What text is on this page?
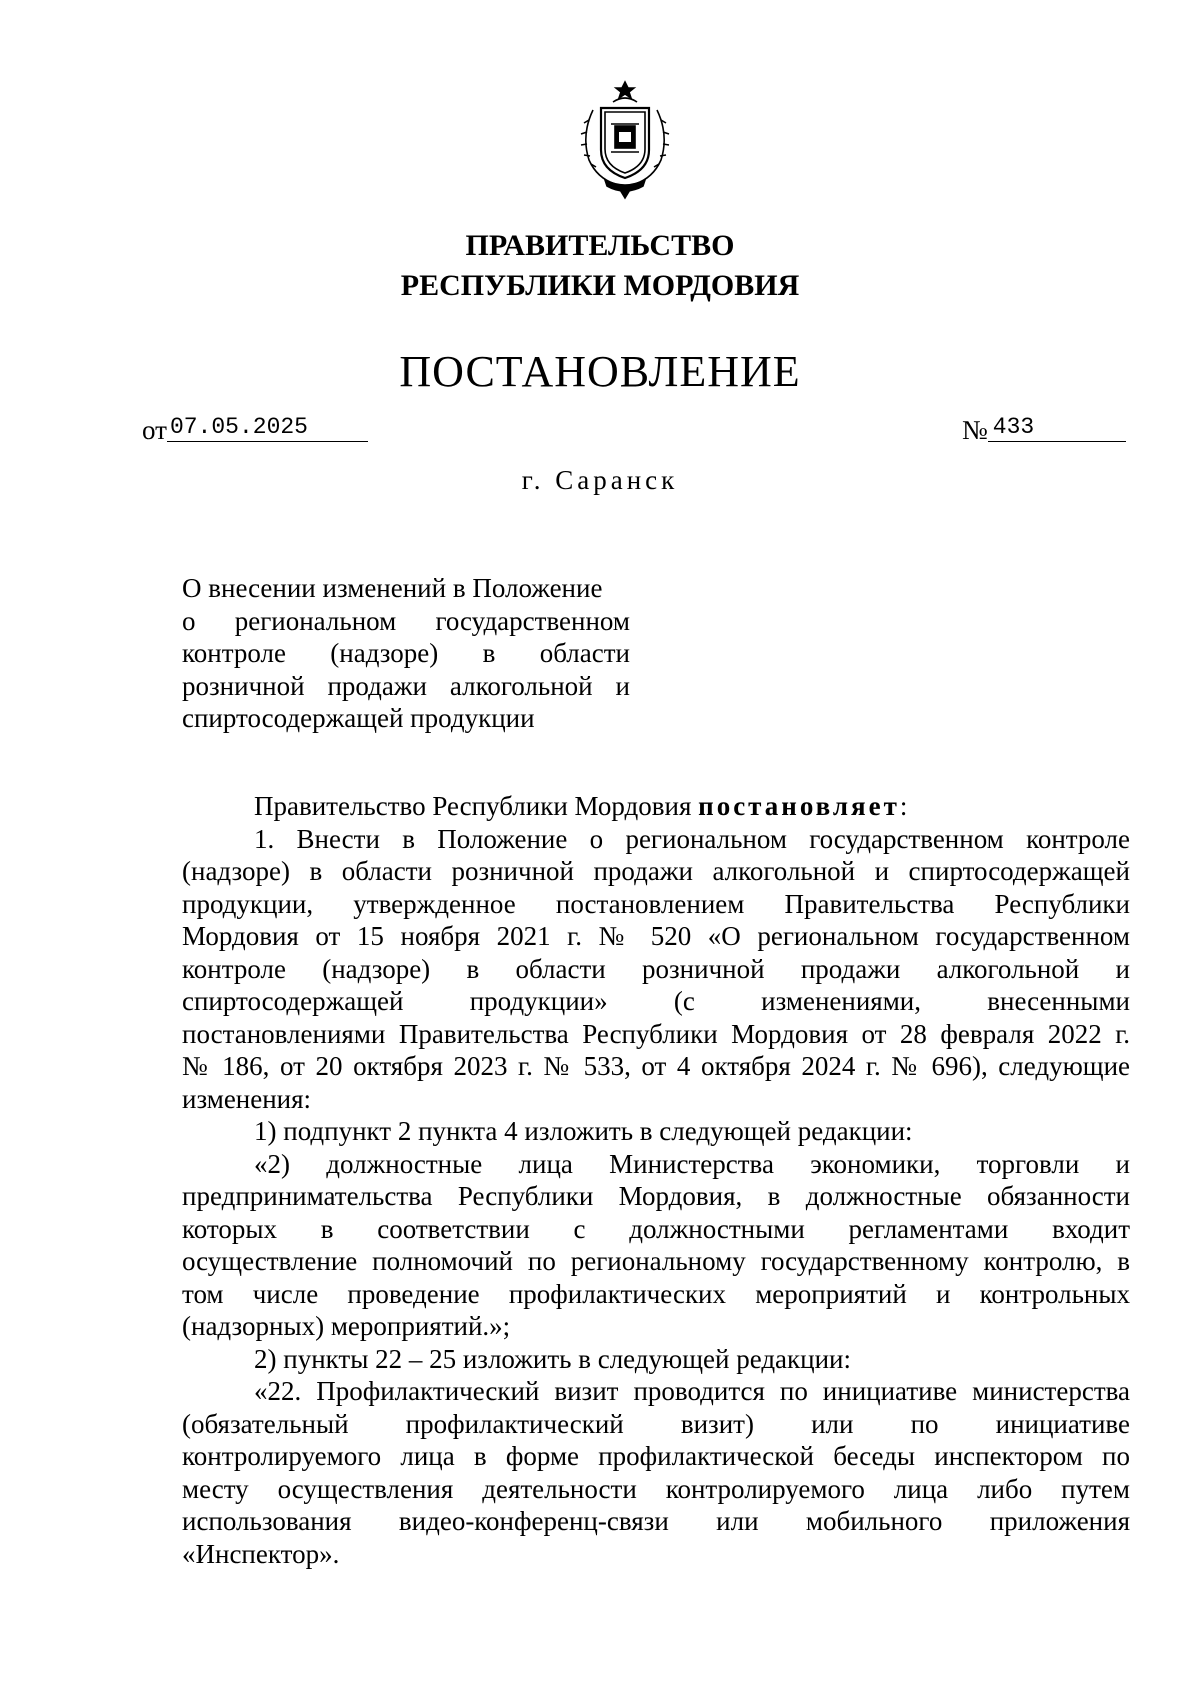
ПРАВИТЕЛЬСТВО
РЕСПУБЛИКИ МОРДОВИЯ
ПОСТАНОВЛЕНИЕ
от 07.05.2025	№ 433
г. Саранск
О внесении изменений в Положение
о региональном государственном
контроле (надзоре) в области
розничной продажи алкогольной и
спиртосодержащей продукции
Правительство Республики Мордовия постановляет:
1. Внести в Положение о региональном государственном контроле
(надзоре) в области розничной продажи алкогольной и спиртосодержащей
продукции, утвержденное постановлением Правительства Республики
Мордовия от 15 ноября 2021 г. № 520 «О региональном государственном
контроле (надзоре) в области розничной продажи алкогольной и
спиртосодержащей продукции» (с изменениями, внесенными
постановлениями Правительства Республики Мордовия от 28 февраля 2022 г.
№ 186, от 20 октября 2023 г. № 533, от 4 октября 2024 г. № 696), следующие
изменения:
1) подпункт 2 пункта 4 изложить в следующей редакции:
«2) должностные лица Министерства экономики, торговли и
предпринимательства Республики Мордовия, в должностные обязанности
которых в соответствии с должностными регламентами входит
осуществление полномочий по региональному государственному контролю, в
том числе проведение профилактических мероприятий и контрольных
(надзорных) мероприятий.»;
2) пункты 22 – 25 изложить в следующей редакции:
«22. Профилактический визит проводится по инициативе министерства
(обязательный профилактический визит) или по инициативе
контролируемого лица в форме профилактической беседы инспектором по
месту осуществления деятельности контролируемого лица либо путем
использования видео-конференц-связи или мобильного приложения
«Инспектор».
